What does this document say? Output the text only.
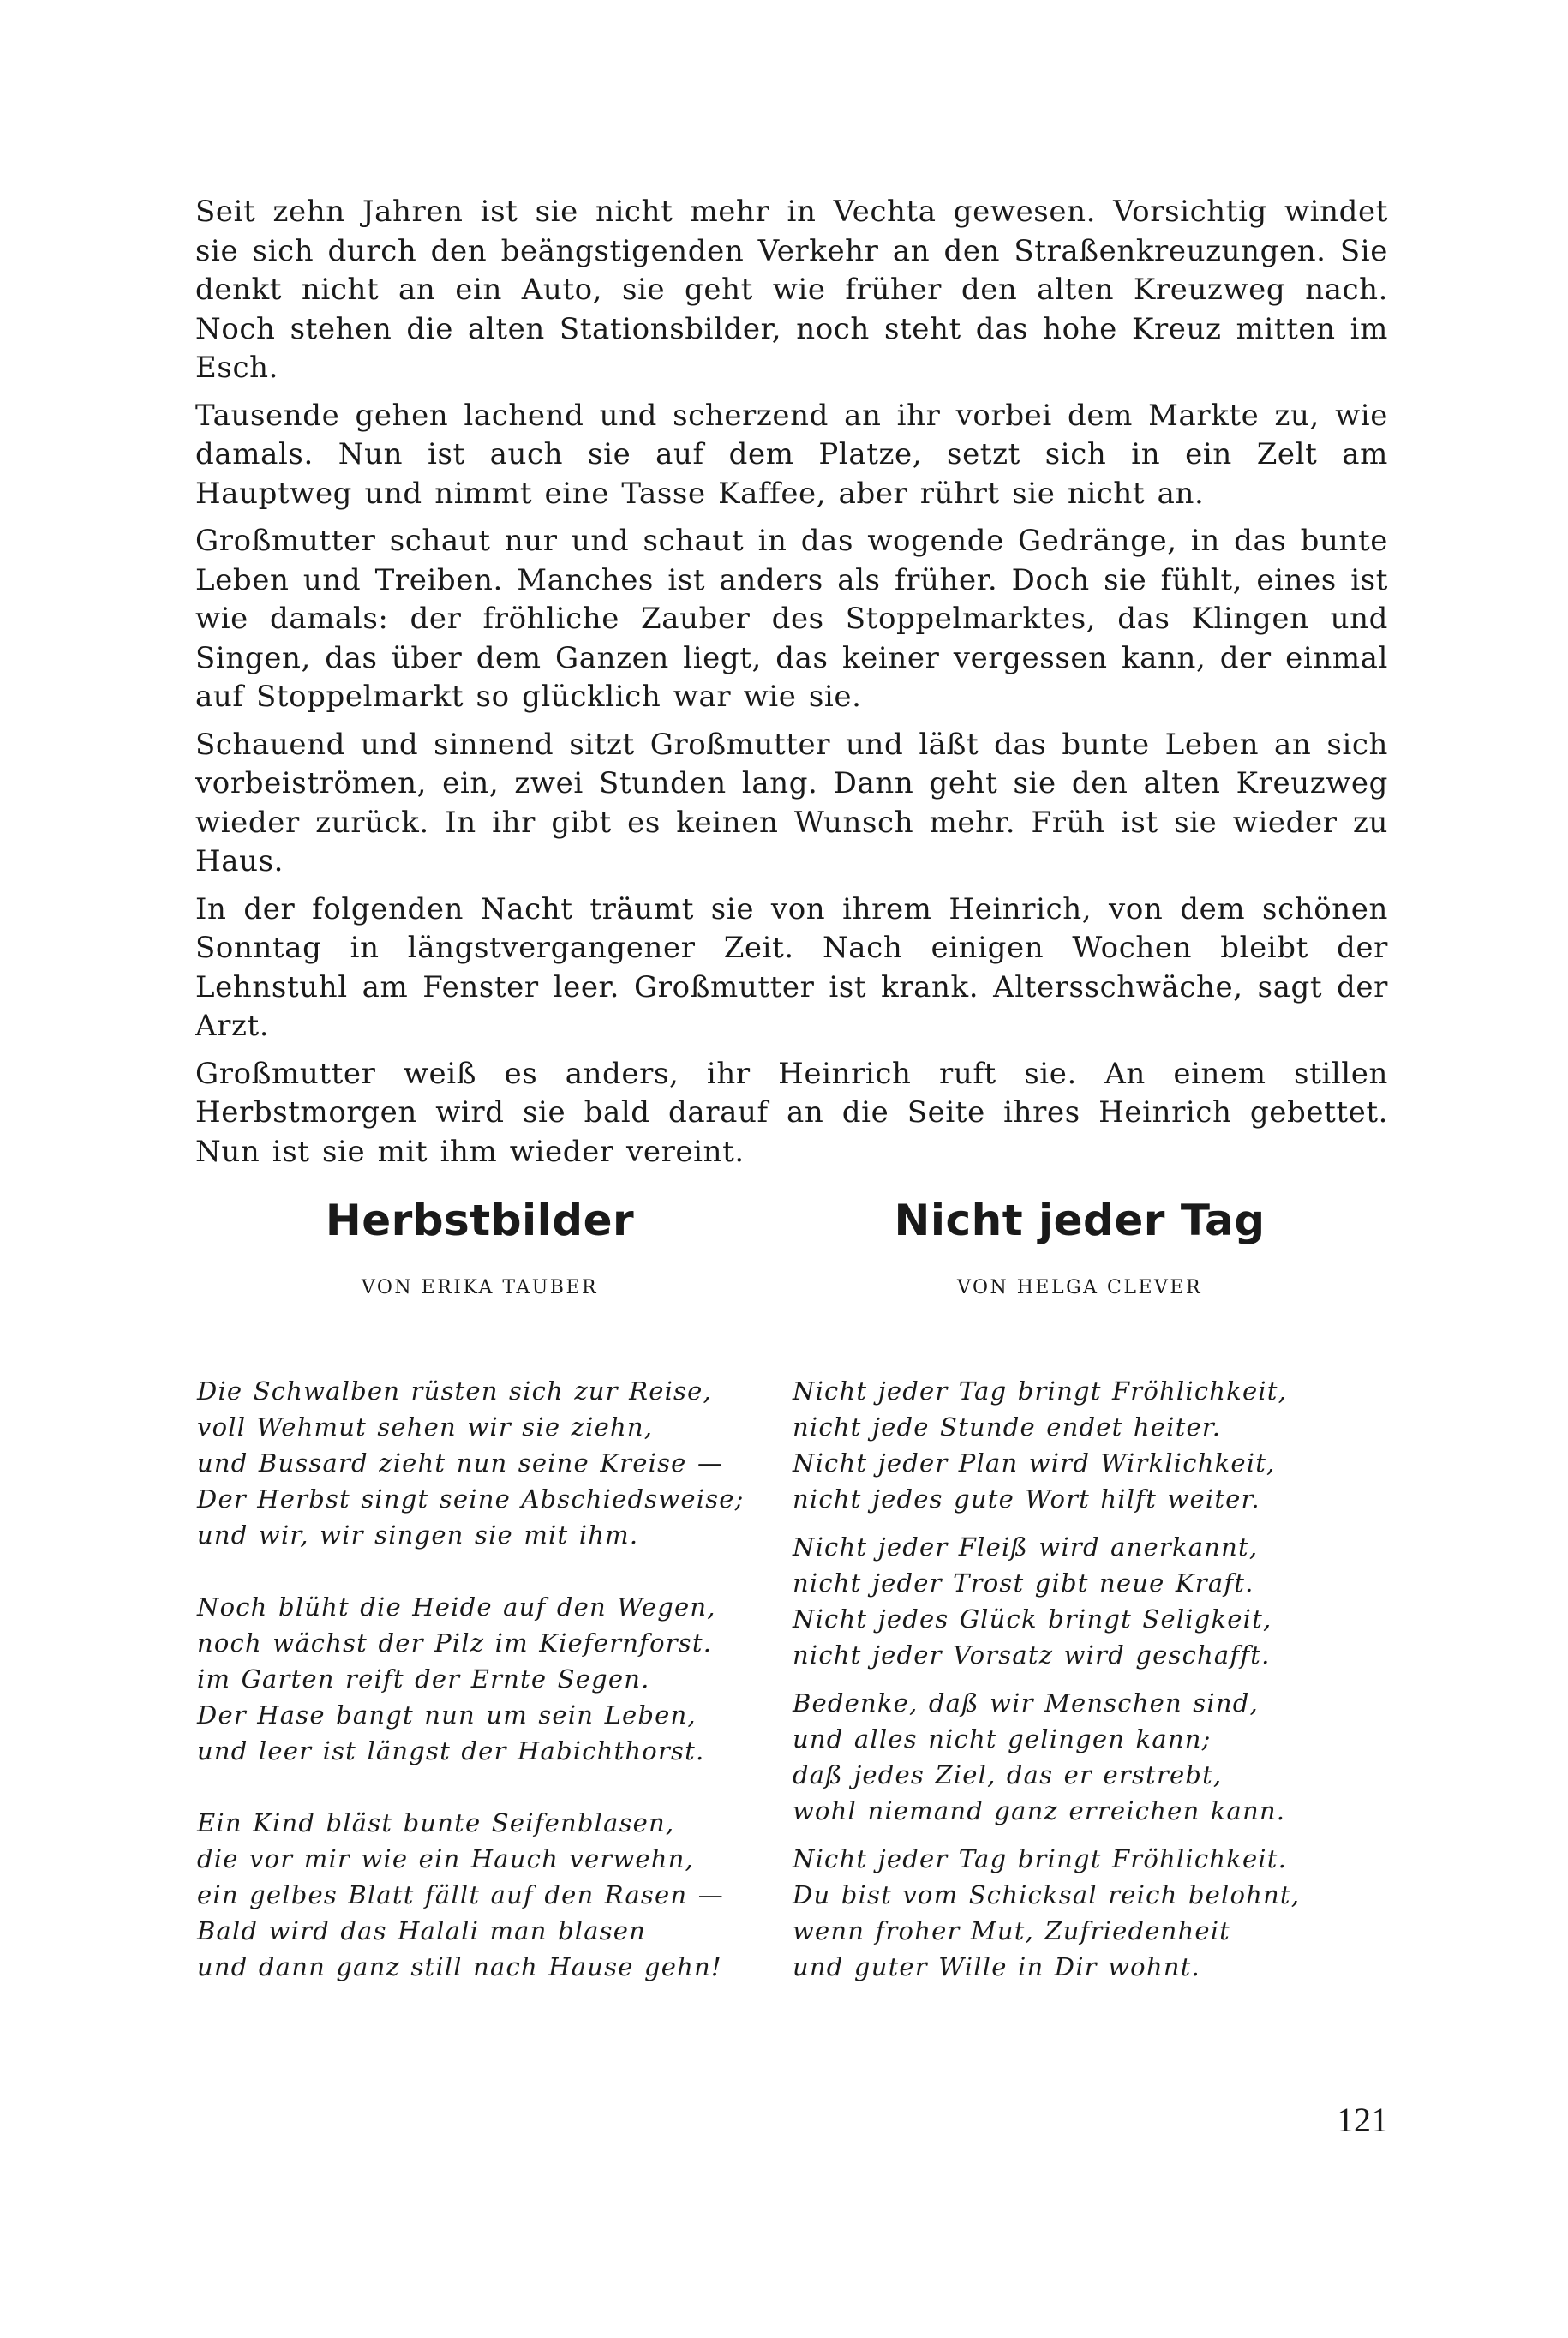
Seit zehn Jahren ist sie nicht mehr in Vechta gewesen. Vorsichtig windet sie sich durch den beängstigenden Verkehr an den Straßenkreuzungen. Sie denkt nicht an ein Auto, sie geht wie früher den alten Kreuzweg nach. Noch stehen die alten Stationsbilder, noch steht das hohe Kreuz mitten im Esch.

Tausende gehen lachend und scherzend an ihr vorbei dem Markte zu, wie damals. Nun ist auch sie auf dem Platze, setzt sich in ein Zelt am Hauptweg und nimmt eine Tasse Kaffee, aber rührt sie nicht an.

Großmutter schaut nur und schaut in das wogende Gedränge, in das bunte Leben und Treiben. Manches ist anders als früher. Doch sie fühlt, eines ist wie damals: der fröhliche Zauber des Stoppelmarktes, das Klingen und Singen, das über dem Ganzen liegt, das keiner vergessen kann, der einmal auf Stoppelmarkt so glücklich war wie sie.

Schauend und sinnend sitzt Großmutter und läßt das bunte Leben an sich vorbeiströmen, ein, zwei Stunden lang. Dann geht sie den alten Kreuzweg wieder zurück. In ihr gibt es keinen Wunsch mehr. Früh ist sie wieder zu Haus.

In der folgenden Nacht träumt sie von ihrem Heinrich, von dem schönen Sonntag in längstvergangener Zeit. Nach einigen Wochen bleibt der Lehnstuhl am Fenster leer. Großmutter ist krank. Altersschwäche, sagt der Arzt.

Großmutter weiß es anders, ihr Heinrich ruft sie. An einem stillen Herbstmorgen wird sie bald darauf an die Seite ihres Heinrich gebettet. Nun ist sie mit ihm wieder vereint.

Herbstbilder
VON ERIKA TAUBER
Nicht jeder Tag
VON HELGA CLEVER
Die Schwalben rüsten sich zur Reise,
voll Wehmut sehen wir sie ziehn,
und Bussard zieht nun seine Kreise —
Der Herbst singt seine Abschiedsweise;
und wir, wir singen sie mit ihm.
Noch blüht die Heide auf den Wegen,
noch wächst der Pilz im Kiefernforst.
im Garten reift der Ernte Segen.
Der Hase bangt nun um sein Leben,
und leer ist längst der Habichthorst.
Ein Kind bläst bunte Seifenblasen,
die vor mir wie ein Hauch verwehn,
ein gelbes Blatt fällt auf den Rasen —
Bald wird das Halali man blasen
und dann ganz still nach Hause gehn!
Nicht jeder Tag bringt Fröhlichkeit,
nicht jede Stunde endet heiter.
Nicht jeder Plan wird Wirklichkeit,
nicht jedes gute Wort hilft weiter.
Nicht jeder Fleiß wird anerkannt,
nicht jeder Trost gibt neue Kraft.
Nicht jedes Glück bringt Seligkeit,
nicht jeder Vorsatz wird geschafft.
Bedenke, daß wir Menschen sind,
und alles nicht gelingen kann;
daß jedes Ziel, das er erstrebt,
wohl niemand ganz erreichen kann.
Nicht jeder Tag bringt Fröhlichkeit.
Du bist vom Schicksal reich belohnt,
wenn froher Mut, Zufriedenheit
und guter Wille in Dir wohnt.
121
